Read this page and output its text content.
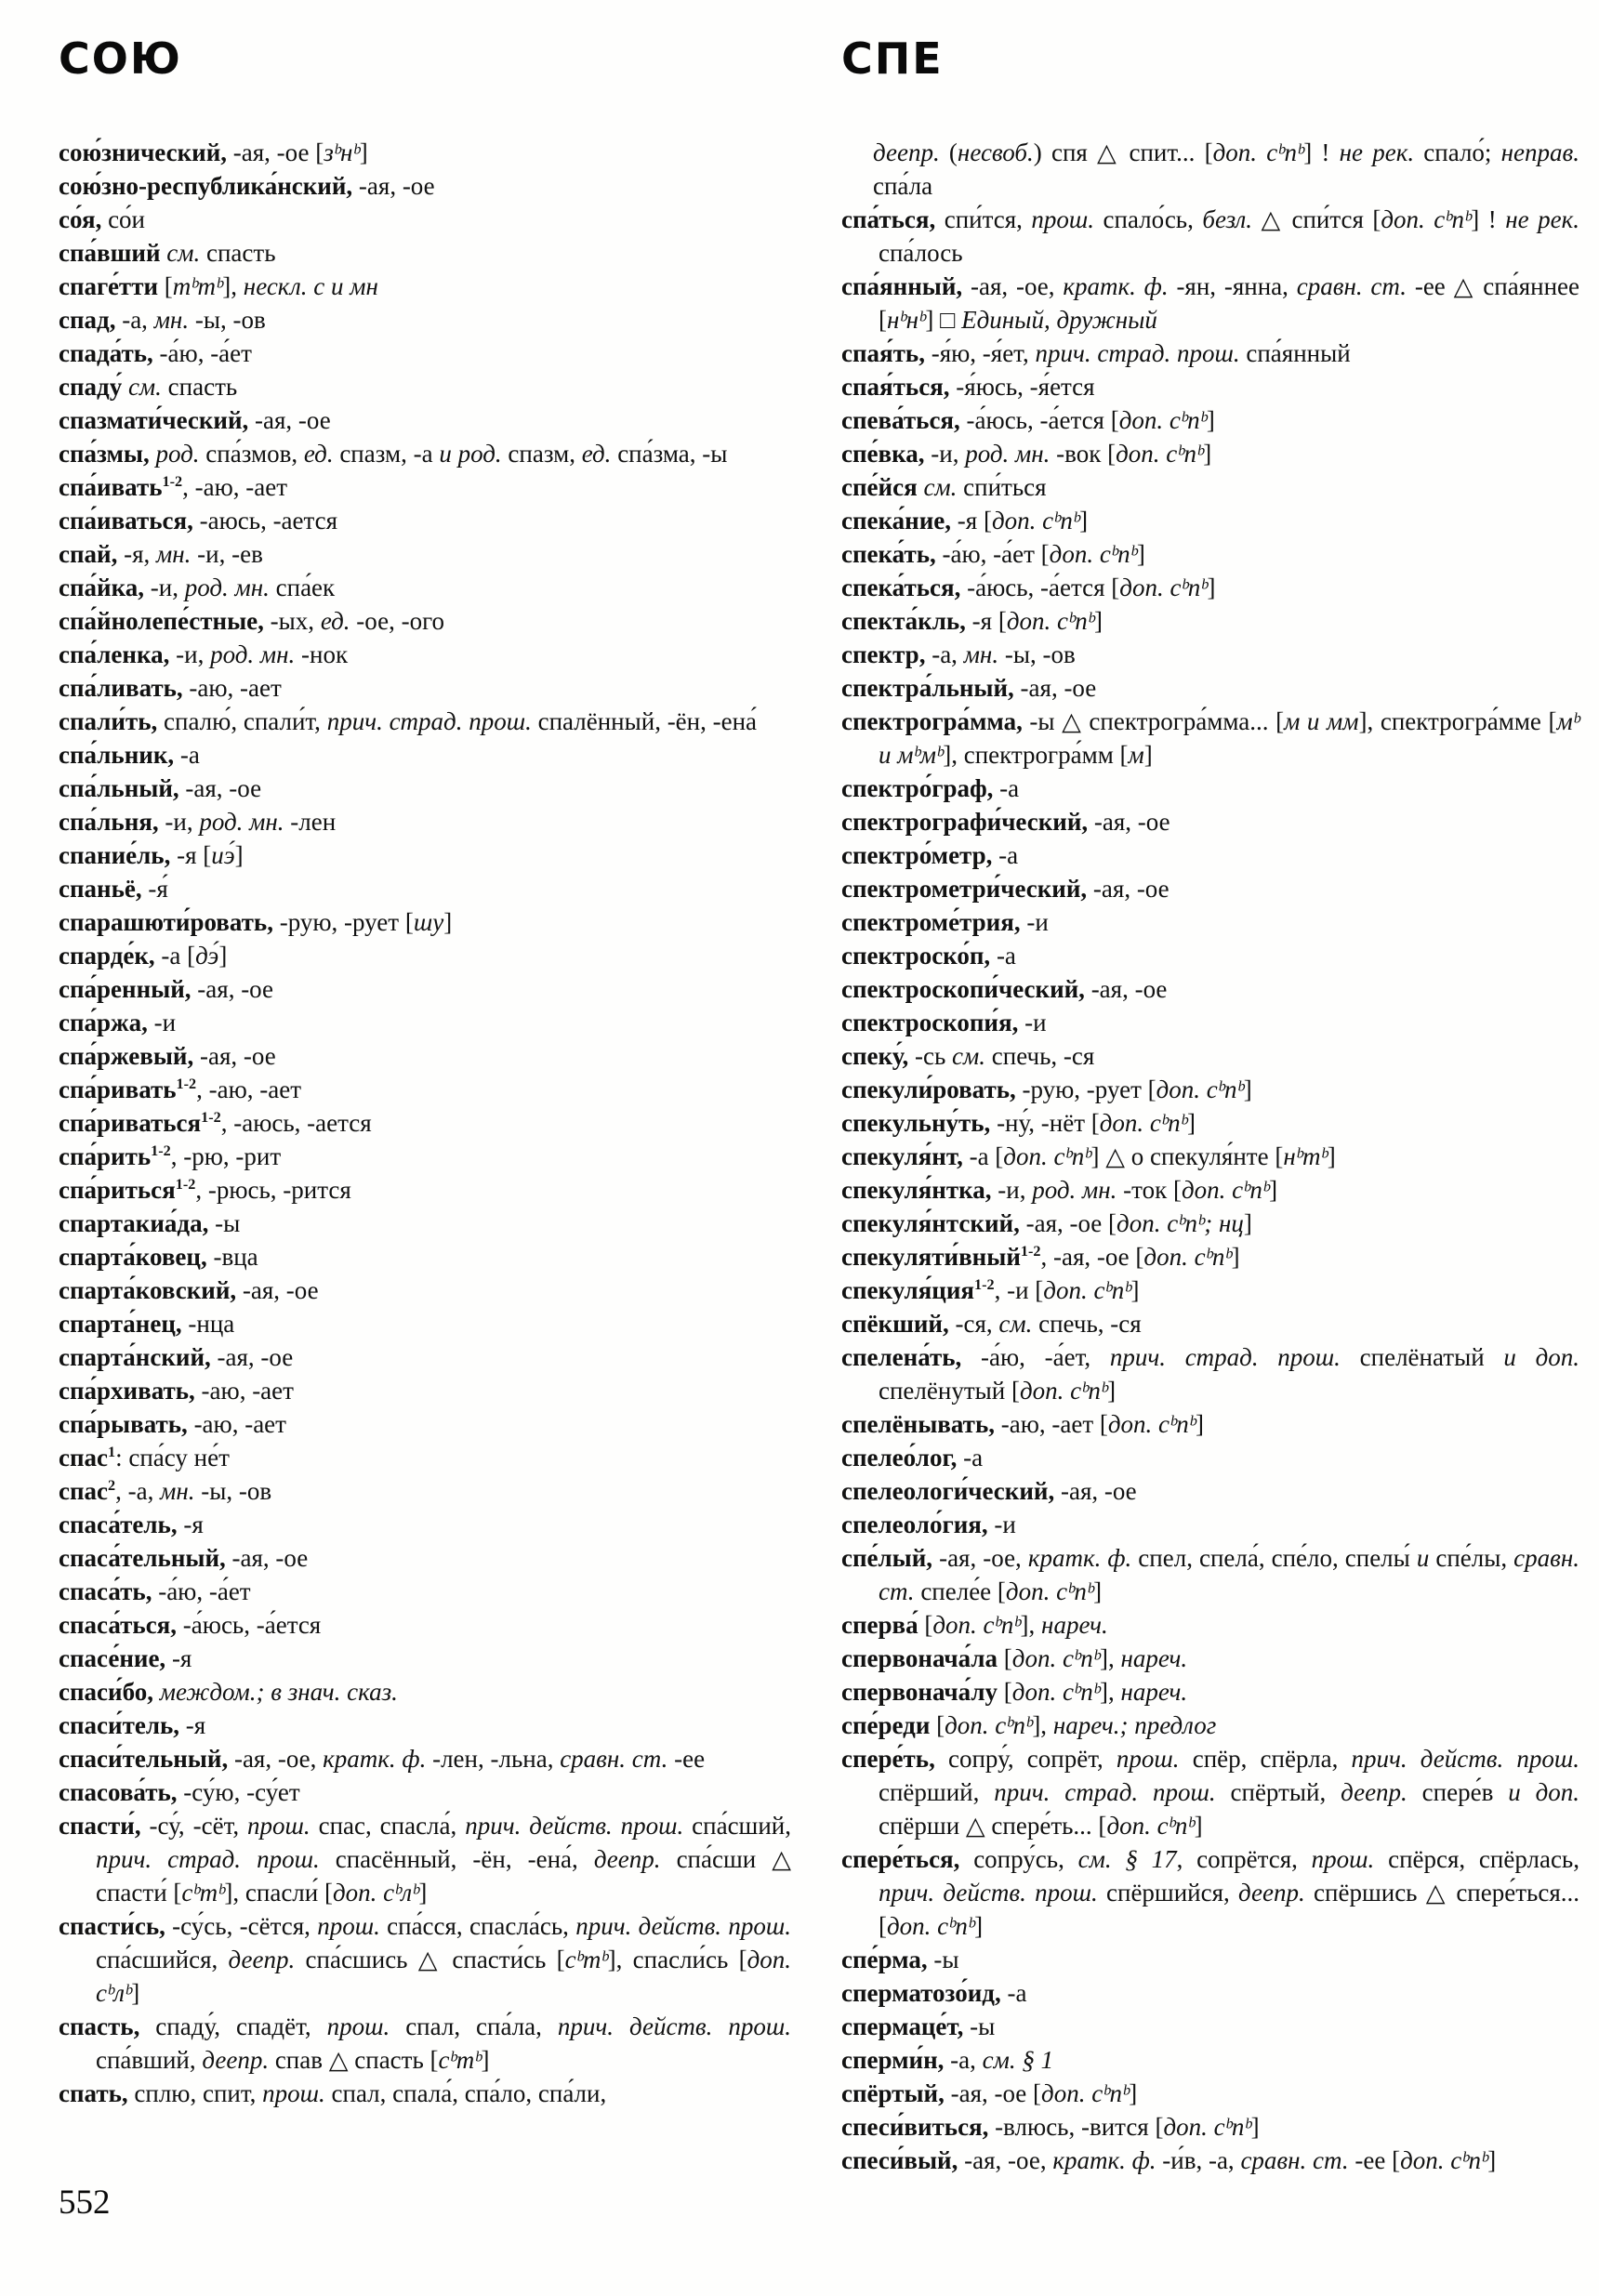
СОЮ	СПЕ
сою́знический, -ая, -ое [зᵇнᵇ]
сою́зно-республика́нский, -ая, -ое
со́я, со́и
спа́вший см. спасть
спаге́тти [тᵇтᵇ], нескл. с и мн
спад, -а, мн. -ы, -ов
спада́ть, -а́ю, -а́ет
спаду́ см. спасть
спазмати́ческий, -ая, -ое
спа́змы, род. спа́змов, ед. спазм, -а и род. спазм, ед. спа́зма, -ы
спа́ивать$^{1-2}$, -аю, -ает
спа́иваться, -аюсь, -ается
спай, -я, мн. -и, -ев
спа́йка, -и, род. мн. спа́ек
спа́йнолепе́стные, -ых, ед. -ое, -ого
спа́ленка, -и, род. мн. -нок
спа́ливать, -аю, -ает
спали́ть, спалю́, спали́т, прич. страд. прош. спалённый, -ён, -ена́
спа́льник, -а
спа́льный, -ая, -ое
спа́льня, -и, род. мн. -лен
спание́ль, -я [иэ́]
спаньё, -я́
спарашюти́ровать, -рую, -рует [шу]
спарде́к, -а [дэ́]
спа́ренный, -ая, -ое
спа́ржа, -и
спа́ржевый, -ая, -ое
спа́ривать$^{1-2}$, -аю, -ает
спа́риваться$^{1-2}$, -аюсь, -ается
спа́рить$^{1-2}$, -рю, -рит
спа́риться$^{1-2}$, -рюсь, -рится
спартакиа́да, -ы
спарта́ковец, -вца
спарта́ковский, -ая, -ое
спарта́нец, -нца
спарта́нский, -ая, -ое
спа́рхивать, -аю, -ает
спа́рывать, -аю, -ает
спас$^1$: спа́су не́т
спас$^2$, -а, мн. -ы, -ов
спаса́тель, -я
спаса́тельный, -ая, -ое
спаса́ть, -а́ю, -а́ет
спаса́ться, -а́юсь, -а́ется
спасе́ние, -я
спаси́бо, междом.; в знач. сказ.
спаси́тель, -я
спаси́тельный, -ая, -ое, кратк. ф. -лен, -льна, сравн. ст. -ее
спасова́ть, -су́ю, -су́ет
спасти́, -су́, -сёт, прош. спас, спасла́, прич. действ. прош. спа́сший, прич. страд. прош. спасённый, -ён, -ена́, деепр. спа́сши △ спасти́ [сᵇтᵇ], спасли́ [доп. сᵇлᵇ]
спасти́сь, -су́сь, -сётся, прош. спа́сся, спасла́сь, прич. действ. прош. спа́сшийся, деепр. спа́сшись △ спасти́сь [сᵇтᵇ], спасли́сь [доп. сᵇлᵇ]
спасть, спаду́, спадёт, прош. спал, спа́ла, прич. действ. прош. спа́вший, деепр. спав △ спасть [сᵇтᵇ]
спать, сплю, спит, прош. спал, спала́, спа́ло, спа́ли,
деепр. (несвоб.) спя △ спит... [доп. сᵇпᵇ] ! не рек. спало́; неправ. спа́ла
спа́ться, спи́тся, прош. спало́сь, безл. △ спи́тся [доп. сᵇпᵇ] ! не рек. спа́лось
спа́янный, -ая, -ое, кратк. ф. -ян, -янна, сравн. ст. -ее △ спа́яннее [нᵇнᵇ] □ Единый, дружный
спая́ть, -я́ю, -я́ет, прич. страд. прош. спа́янный
спая́ться, -я́юсь, -я́ется
спева́ться, -а́юсь, -а́ется [доп. сᵇпᵇ]
спе́вка, -и, род. мн. -вок [доп. сᵇпᵇ]
спе́йся см. спи́ться
спека́ние, -я [доп. сᵇпᵇ]
спека́ть, -а́ю, -а́ет [доп. сᵇпᵇ]
спека́ться, -а́юсь, -а́ется [доп. сᵇпᵇ]
спекта́кль, -я [доп. сᵇпᵇ]
спектр, -а, мн. -ы, -ов
спектра́льный, -ая, -ое
спектрогра́мма, -ы △ спектрогра́мма... [м и мм], спектрогра́мме [мᵇ и мᵇмᵇ], спектрогра́мм [м]
спектро́граф, -а
спектрографи́ческий, -ая, -ое
спектро́метр, -а
спектрометри́ческий, -ая, -ое
спектроме́трия, -и
спектроско́п, -а
спектроскопи́ческий, -ая, -ое
спектроскопи́я, -и
спеку́, -сь см. спечь, -ся
спекули́ровать, -рую, -рует [доп. сᵇпᵇ]
спекульну́ть, -ну́, -нёт [доп. сᵇпᵇ]
спекуля́нт, -а [доп. сᵇпᵇ] △ о спекуля́нте [нᵇтᵇ]
спекуля́нтка, -и, род. мн. -ток [доп. сᵇпᵇ]
спекуля́нтский, -ая, -ое [доп. сᵇпᵇ; нц]
спекуляти́вный$^{1-2}$, -ая, -ое [доп. сᵇпᵇ]
спекуля́ция$^{1-2}$, -и [доп. сᵇпᵇ]
спёкший, -ся, см. спечь, -ся
спелена́ть, -а́ю, -а́ет, прич. страд. прош. спелёнатый и доп. спелёнутый [доп. сᵇпᵇ]
спелёнывать, -аю, -ает [доп. сᵇпᵇ]
спелео́лог, -а
спелеологи́ческий, -ая, -ое
спелеоло́гия, -и
спе́лый, -ая, -ое, кратк. ф. спел, спела́, спе́ло, спелы́ и спе́лы, сравн. ст. спеле́е [доп. сᵇпᵇ]
сперва́ [доп. сᵇпᵇ], нареч.
спервонача́ла [доп. сᵇпᵇ], нареч.
спервонача́лу [доп. сᵇпᵇ], нареч.
спе́реди [доп. сᵇпᵇ], нареч.; предлог
спере́ть, сопру́, сопрёт, прош. спёр, спёрла, прич. действ. прош. спёрший, прич. страд. прош. спёртый, деепр. спере́в и доп. спёрши △ спере́ть... [доп. сᵇпᵇ]
спере́ться, сопру́сь, см. § 17, сопрётся, прош. спёрся, спёрлась, прич. действ. прош. спёршийся, деепр. спёршись △ спере́ться... [доп. сᵇпᵇ]
спе́рма, -ы
сперматозо́ид, -а
спермаце́т, -ы
сперми́н, -а, см. § 1
спёртый, -ая, -ое [доп. сᵇпᵇ]
спеси́виться, -влюсь, -вится [доп. сᵇпᵇ]
спеси́вый, -ая, -ое, кратк. ф. -и́в, -а, сравн. ст. -ее [доп. сᵇпᵇ]
552
